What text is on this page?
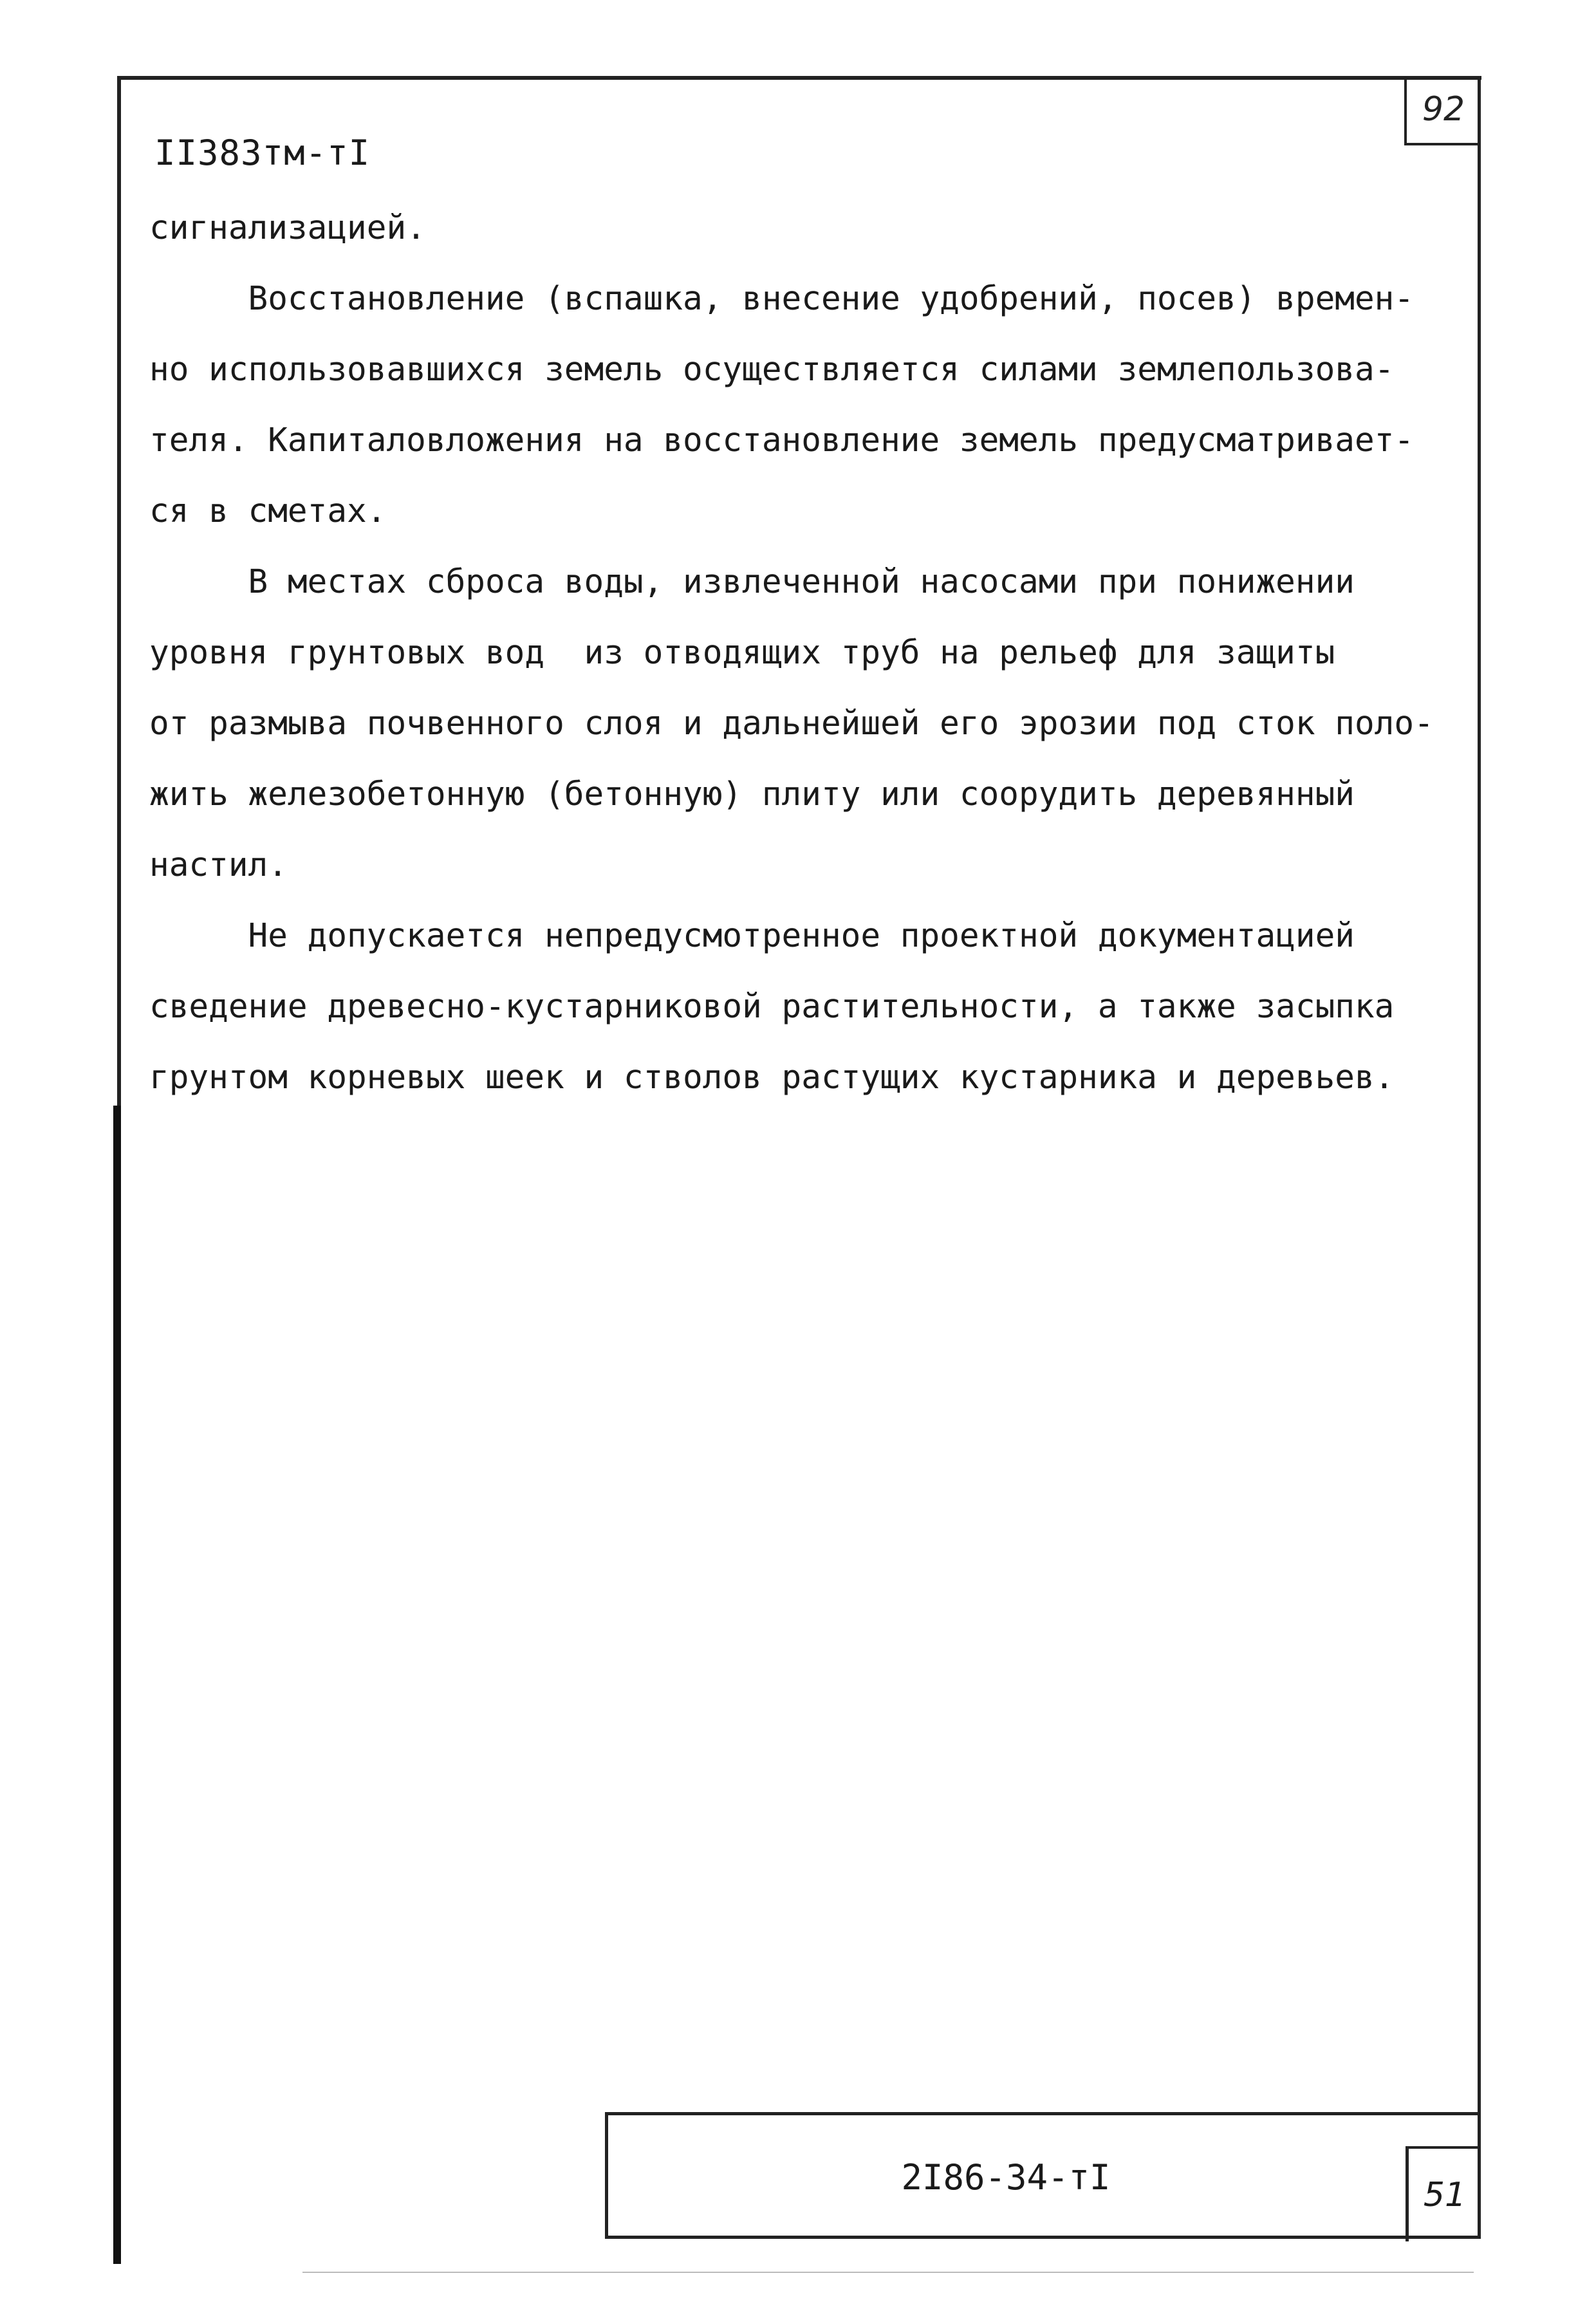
92
II383тм-тI

сигнализацией.

Восстановление (вспашка, внесение удобрений, посев) времен-

но использовавшихся земель осуществляется силами землепользова-

теля. Капиталовложения на восстановление земель предусматривает-

ся в сметах.

В местах сброса воды, извлеченной насосами при понижении

уровня грунтовых вод  из отводящих труб на рельеф для защиты

от размыва почвенного слоя и дальнейшей его эрозии под сток поло-

жить железобетонную (бетонную) плиту или соорудить деревянный

настил.

Не допускается непредусмотренное проектной документацией

сведение древесно-кустарниковой растительности, а также засыпка

грунтом корневых шеек и стволов растущих кустарника и деревьев.

2I86-34-тI	51
